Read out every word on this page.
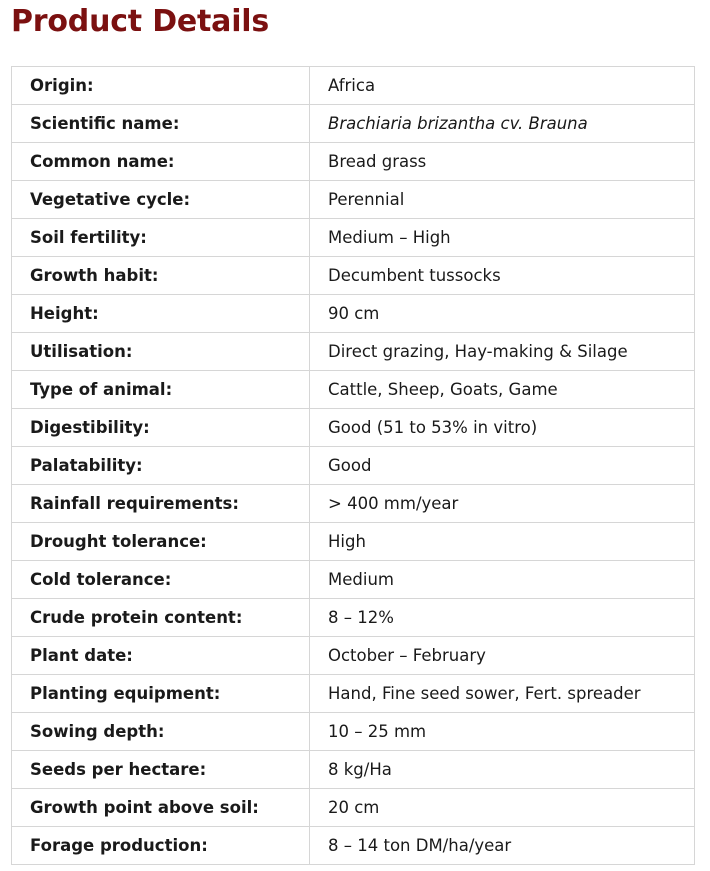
Product Details
Origin:	Africa
Scientific name:	Brachiaria brizantha cv. Brauna
Common name:	Bread grass
Vegetative cycle:	Perennial
Soil fertility:	Medium – High
Growth habit:	Decumbent tussocks
Height:	90 cm
Utilisation:	Direct grazing, Hay-making & Silage
Type of animal:	Cattle, Sheep, Goats, Game
Digestibility:	Good (51 to 53% in vitro)
Palatability:	Good
Rainfall requirements:	> 400 mm/year
Drought tolerance:	High
Cold tolerance:	Medium
Crude protein content:	8 – 12%
Plant date:	October – February
Planting equipment:	Hand, Fine seed sower, Fert. spreader
Sowing depth:	10 – 25 mm
Seeds per hectare:	8 kg/Ha
Growth point above soil:	20 cm
Forage production:	8 – 14 ton DM/ha/year
